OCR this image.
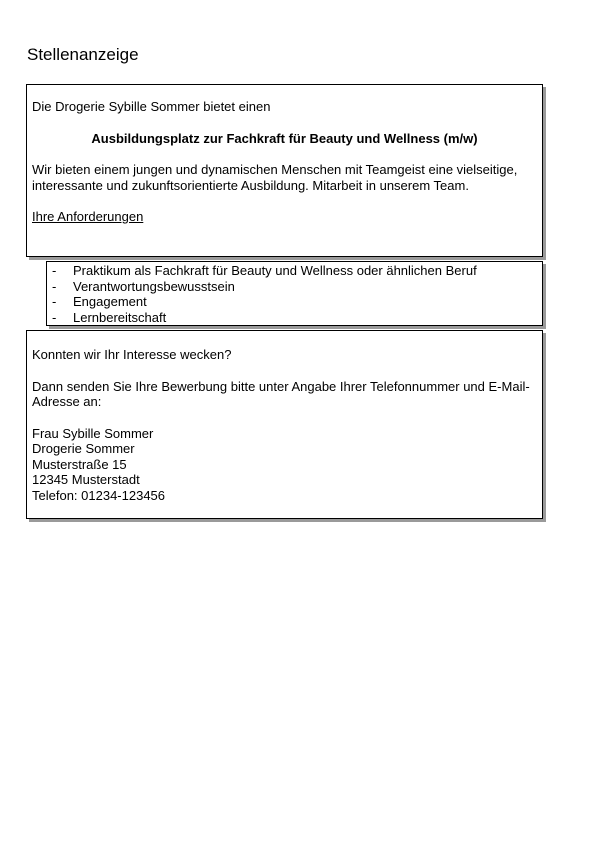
Stellenanzeige

Die Drogerie Sybille Sommer bietet einen

Ausbildungsplatz zur Fachkraft für Beauty und Wellness (m/w)

Wir bieten einem jungen und dynamischen Menschen mit Teamgeist eine vielseitige, interessante und zukunftsorientierte Ausbildung. Mitarbeit in unserem Team.

Ihre Anforderungen

- Praktikum als Fachkraft für Beauty und Wellness oder ähnlichen Beruf
- Verantwortungsbewusstsein
- Engagement
- Lernbereitschaft

Konnten wir Ihr Interesse wecken?

Dann senden Sie Ihre Bewerbung bitte unter Angabe Ihrer Telefonnummer und E-Mail-Adresse an:

Frau Sybille Sommer

Drogerie Sommer

Musterstraße 15

12345 Musterstadt

Telefon: 01234-123456
